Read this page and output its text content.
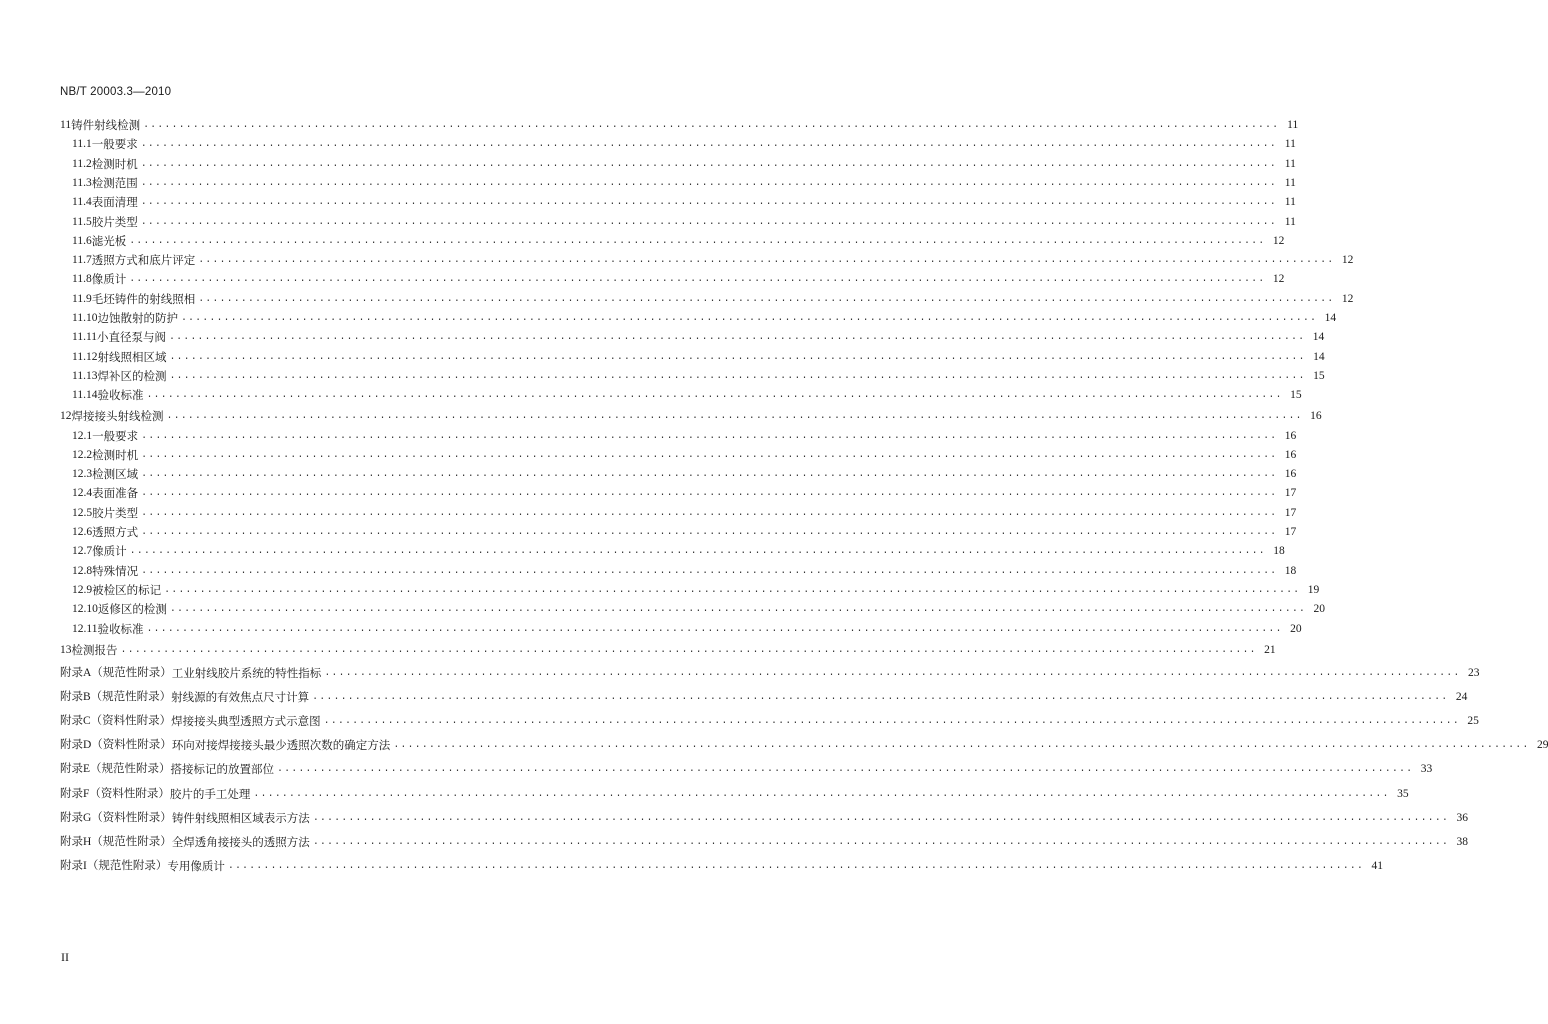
NB/T 20003.3—2010
11 铸件射线检测 ................................................................................................................................................................ 11
11.1 一般要求 ................................................................................................................................................................ 11
11.2 检测时机 ................................................................................................................................................................ 11
11.3 检测范围 ................................................................................................................................................................ 11
11.4 表面清理 ................................................................................................................................................................ 11
11.5 胶片类型 ................................................................................................................................................................ 11
11.6 滤光板 ................................................................................................................................................................ 12
11.7 透照方式和底片评定 ................................................................................................................................................................ 12
11.8 像质计 ................................................................................................................................................................ 12
11.9 毛坯铸件的射线照相 ................................................................................................................................................................ 12
11.10 边蚀散射的防护 ................................................................................................................................................................ 14
11.11 小直径泵与阀 ................................................................................................................................................................ 14
11.12 射线照相区域 ................................................................................................................................................................ 14
11.13 焊补区的检测 ................................................................................................................................................................ 15
11.14 验收标准 ................................................................................................................................................................ 15
12 焊接接头射线检测 ................................................................................................................................................................ 16
12.1 一般要求 ................................................................................................................................................................ 16
12.2 检测时机 ................................................................................................................................................................ 16
12.3 检测区域 ................................................................................................................................................................ 16
12.4 表面准备 ................................................................................................................................................................ 17
12.5 胶片类型 ................................................................................................................................................................ 17
12.6 透照方式 ................................................................................................................................................................ 17
12.7 像质计 ................................................................................................................................................................ 18
12.8 特殊情况 ................................................................................................................................................................ 18
12.9 被检区的标记 ................................................................................................................................................................ 19
12.10 返修区的检测 ................................................................................................................................................................ 20
12.11 验收标准 ................................................................................................................................................................ 20
13 检测报告 ................................................................................................................................................................ 21
附录A（规范性附录） 工业射线胶片系统的特性指标 ................................................................................................................................................................ 23
附录B（规范性附录） 射线源的有效焦点尺寸计算 ................................................................................................................................................................ 24
附录C（资料性附录） 焊接接头典型透照方式示意图 ................................................................................................................................................................ 25
附录D（资料性附录） 环向对接焊接接头最少透照次数的确定方法 ................................................................................................................................................................ 29
附录E（规范性附录） 搭接标记的放置部位 ................................................................................................................................................................ 33
附录F（资料性附录） 胶片的手工处理 ................................................................................................................................................................ 35
附录G（资料性附录） 铸件射线照相区域表示方法 ................................................................................................................................................................ 36
附录H（规范性附录） 全焊透角接接头的透照方法 ................................................................................................................................................................ 38
附录I（规范性附录） 专用像质计 ................................................................................................................................................................ 41
II
